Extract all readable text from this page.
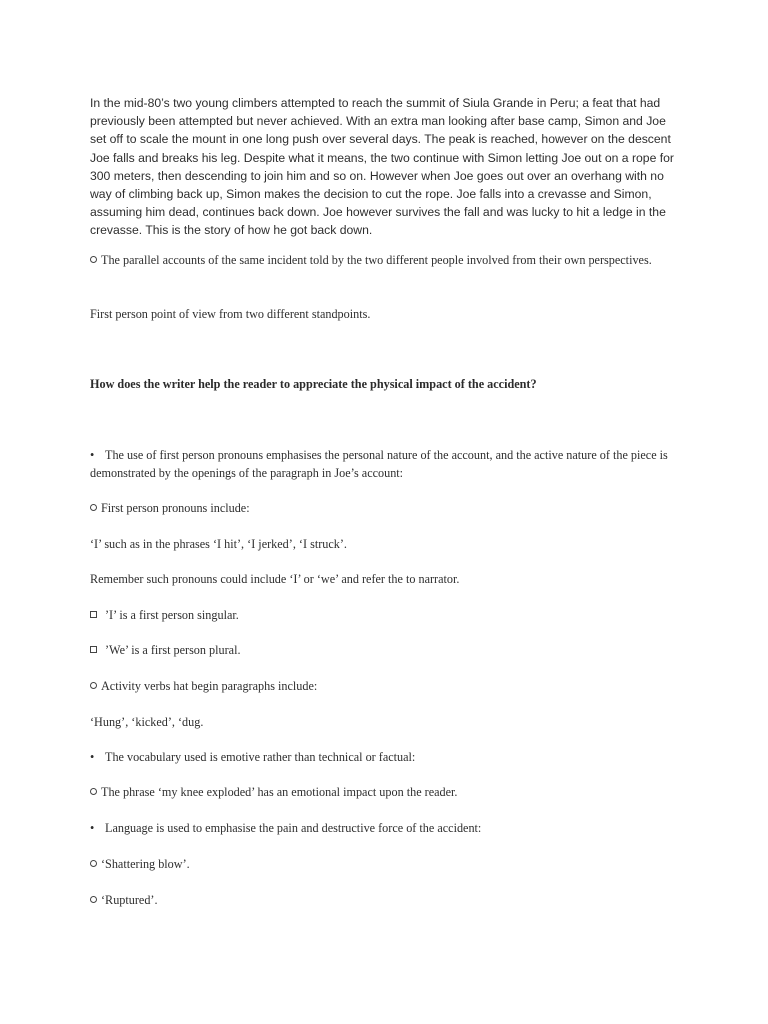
In the mid-80’s two young climbers attempted to reach the summit of Siula Grande in Peru; a feat that had previously been attempted but never achieved. With an extra man looking after base camp, Simon and Joe set off to scale the mount in one long push over several days. The peak is reached, however on the descent Joe falls and breaks his leg. Despite what it means, the two continue with Simon letting Joe out on a rope for 300 meters, then descending to join him and so on. However when Joe goes out over an overhang with no way of climbing back up, Simon makes the decision to cut the rope. Joe falls into a crevasse and Simon, assuming him dead, continues back down. Joe however survives the fall and was lucky to hit a ledge in the crevasse. This is the story of how he got back down.

The parallel accounts of the same incident told by the two different people involved from their own perspectives.

First person point of view from two different standpoints.

How does the writer help the reader to appreciate the physical impact of the accident?

• The use of first person pronouns emphasises the personal nature of the account, and the active nature of the piece is demonstrated by the openings of the paragraph in Joe’s account:

First person pronouns include:

‘I’ such as in the phrases ‘I hit’, ‘I jerked’, ‘I struck’.

Remember such pronouns could include ‘I’ or ‘we’ and refer the to narrator.

’I’ is a first person singular.

’We’ is a first person plural.

Activity verbs hat begin paragraphs include:

‘Hung’, ‘kicked’, ‘dug.

• The vocabulary used is emotive rather than technical or factual:

The phrase ‘my knee exploded’ has an emotional impact upon the reader.

• Language is used to emphasise the pain and destructive force of the accident:

‘Shattering blow’.

‘Ruptured’.
